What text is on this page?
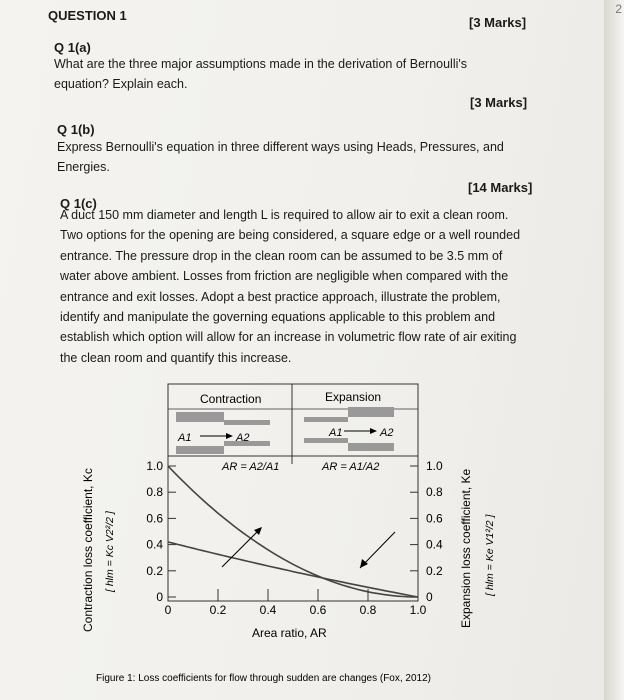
2
QUESTION 1	[3 Marks]
Q 1(a)
What are the three major assumptions made in the derivation of Bernoulli's
equation? Explain each.
[3 Marks]
Q 1(b)
Express Bernoulli's equation in three different ways using Heads, Pressures, and
Energies.
[14 Marks]
Q 1(c)
A duct 150 mm diameter and length L is required to allow air to exit a clean room.
Two options for the opening are being considered, a square edge or a well rounded
entrance. The pressure drop in the clean room can be assumed to be 3.5 mm of
water above ambient. Losses from friction are negligible when compared with the
entrance and exit losses. Adopt a best practice approach, illustrate the problem,
identify and manipulate the governing equations applicable to this problem and
establish which option will allow for an increase in volumetric flow rate of air exiting
the clean room and quantify this increase.
Contraction	Expansion
A1	A2	A1	A2
AR = A2/A1	AR = A1/A2
1.0	1.0
0.8	0.8
0.6	0.6
0.4	0.4
0.2	0.2
0	0
0	0.2	0.4	0.6	0.8	1.0
Contraction loss coefficient, Kc [ hlm = Kc V2²/2 ]	Expansion loss coefficient, Ke [ hlm = Ke V1²/2 ]
Area ratio, AR
Figure 1: Loss coefficients for flow through sudden are changes (Fox, 2012)
